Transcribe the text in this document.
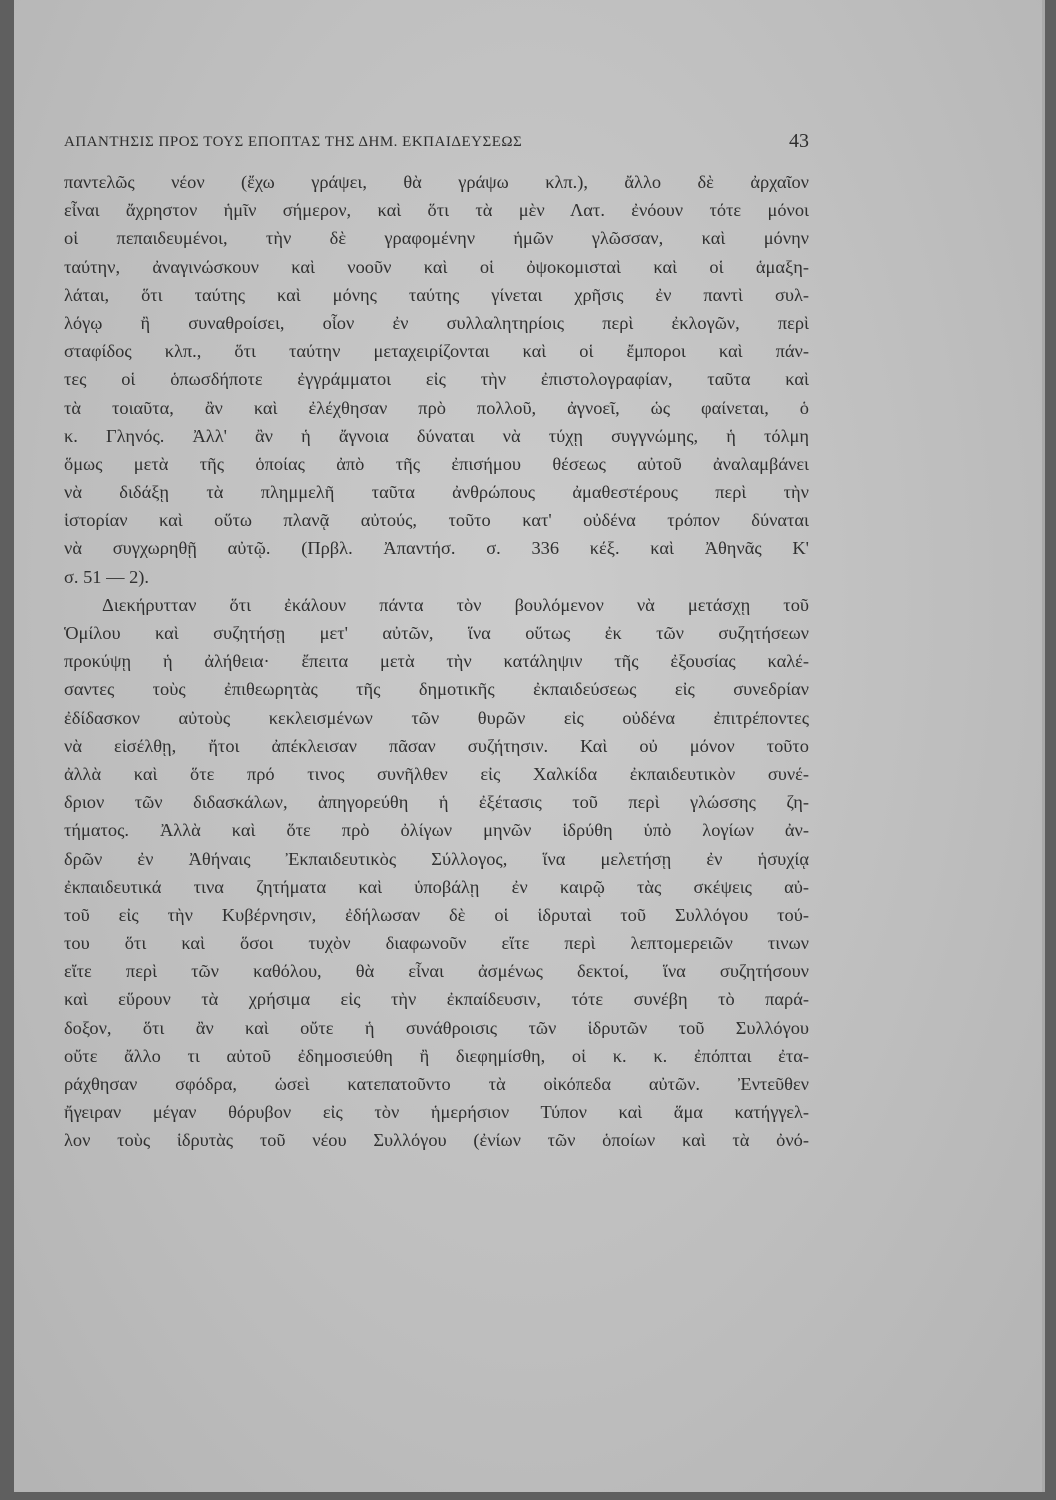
ΑΠΑΝΤΗΣΙΣ ΠΡΟΣ ΤΟΥΣ ΕΠΟΠΤΑΣ ΤΗΣ ΔΗΜ. ΕΚΠΑΙΔΕΥΣΕΩΣ	43
παντελῶς νέον (ἔχω γράψει, θὰ γράψω κλπ.), ἄλλο δὲ ἀρχαῖον
εἶναι ἄχρηστον ἡμῖν σήμερον, καὶ ὅτι τὰ μὲν Λατ. ἐνόουν τότε μόνοι
οἱ πεπαιδευμένοι, τὴν δὲ γραφομένην ἡμῶν γλῶσσαν, καὶ μόνην
ταύτην, ἀναγινώσκουν καὶ νοοῦν καὶ οἱ ὀψοκομισταὶ καὶ οἱ ἁμαξη-
λάται, ὅτι ταύτης καὶ μόνης ταύτης γίνεται χρῆσις ἐν παντὶ συλ-
λόγῳ ἢ συναθροίσει, οἷον ἐν συλλαλητηρίοις περὶ ἐκλογῶν, περὶ
σταφίδος κλπ., ὅτι ταύτην μεταχειρίζονται καὶ οἱ ἔμποροι καὶ πάν-
τες οἱ ὁπωσδήποτε ἐγγράμματοι εἰς τὴν ἐπιστολογραφίαν, ταῦτα καὶ
τὰ τοιαῦτα, ἂν καὶ ἐλέχθησαν πρὸ πολλοῦ, ἀγνοεῖ, ὡς φαίνεται, ὁ
κ. Γληνός. Ἀλλ' ἂν ἡ ἄγνοια δύναται νὰ τύχῃ συγγνώμης, ἡ τόλμη
ὅμως μετὰ τῆς ὁποίας ἀπὸ τῆς ἐπισήμου θέσεως αὐτοῦ ἀναλαμβάνει
νὰ διδάξῃ τὰ πλημμελῆ ταῦτα ἀνθρώπους ἀμαθεστέρους περὶ τὴν
ἱστορίαν καὶ οὕτω πλανᾷ αὐτούς, τοῦτο κατ' οὐδένα τρόπον δύναται
νὰ συγχωρηθῇ αὐτῷ. (Πρβλ. Ἀπαντήσ. σ. 336 κέξ. καὶ Ἀθηνᾶς Κ'
σ. 51 — 2).
Διεκήρυτταν ὅτι ἐκάλουν πάντα τὸν βουλόμενον νὰ μετάσχῃ τοῦ
Ὁμίλου καὶ συζητήσῃ μετ' αὐτῶν, ἵνα οὕτως ἐκ τῶν συζητήσεων
προκύψῃ ἡ ἀλήθεια· ἔπειτα μετὰ τὴν κατάληψιν τῆς ἐξουσίας καλέ-
σαντες τοὺς ἐπιθεωρητὰς τῆς δημοτικῆς ἐκπαιδεύσεως εἰς συνεδρίαν
ἐδίδασκον αὐτοὺς κεκλεισμένων τῶν θυρῶν εἰς οὐδένα ἐπιτρέποντες
νὰ εἰσέλθῃ, ἤτοι ἀπέκλεισαν πᾶσαν συζήτησιν. Καὶ οὐ μόνον τοῦτο
ἀλλὰ καὶ ὅτε πρό τινος συνῆλθεν εἰς Χαλκίδα ἐκπαιδευτικὸν συνέ-
δριον τῶν διδασκάλων, ἀπηγορεύθη ἡ ἐξέτασις τοῦ περὶ γλώσσης ζη-
τήματος. Ἀλλὰ καὶ ὅτε πρὸ ὀλίγων μηνῶν ἱδρύθη ὑπὸ λογίων ἀν-
δρῶν ἐν Ἀθήναις Ἐκπαιδευτικὸς Σύλλογος, ἵνα μελετήσῃ ἐν ἡσυχίᾳ
ἐκπαιδευτικά τινα ζητήματα καὶ ὑποβάλῃ ἐν καιρῷ τὰς σκέψεις αὐ-
τοῦ εἰς τὴν Κυβέρνησιν, ἐδήλωσαν δὲ οἱ ἱδρυταὶ τοῦ Συλλόγου τού-
του ὅτι καὶ ὅσοι τυχὸν διαφωνοῦν εἴτε περὶ λεπτομερειῶν τινων
εἴτε περὶ τῶν καθόλου, θὰ εἶναι ἀσμένως δεκτοί, ἵνα συζητήσουν
καὶ εὕρουν τὰ χρήσιμα εἰς τὴν ἐκπαίδευσιν, τότε συνέβη τὸ παρά-
δοξον, ὅτι ἂν καὶ οὔτε ἡ συνάθροισις τῶν ἱδρυτῶν τοῦ Συλλόγου
οὔτε ἄλλο τι αὐτοῦ ἐδημοσιεύθη ἢ διεφημίσθη, οἱ κ. κ. ἐπόπται ἐτα-
ράχθησαν σφόδρα, ὡσεὶ κατεπατοῦντο τὰ οἰκόπεδα αὐτῶν. Ἐντεῦθεν
ἤγειραν μέγαν θόρυβον εἰς τὸν ἡμερήσιον Τύπον καὶ ἅμα κατήγγελ-
λον τοὺς ἱδρυτὰς τοῦ νέου Συλλόγου (ἐνίων τῶν ὁποίων καὶ τὰ ὀνό-
